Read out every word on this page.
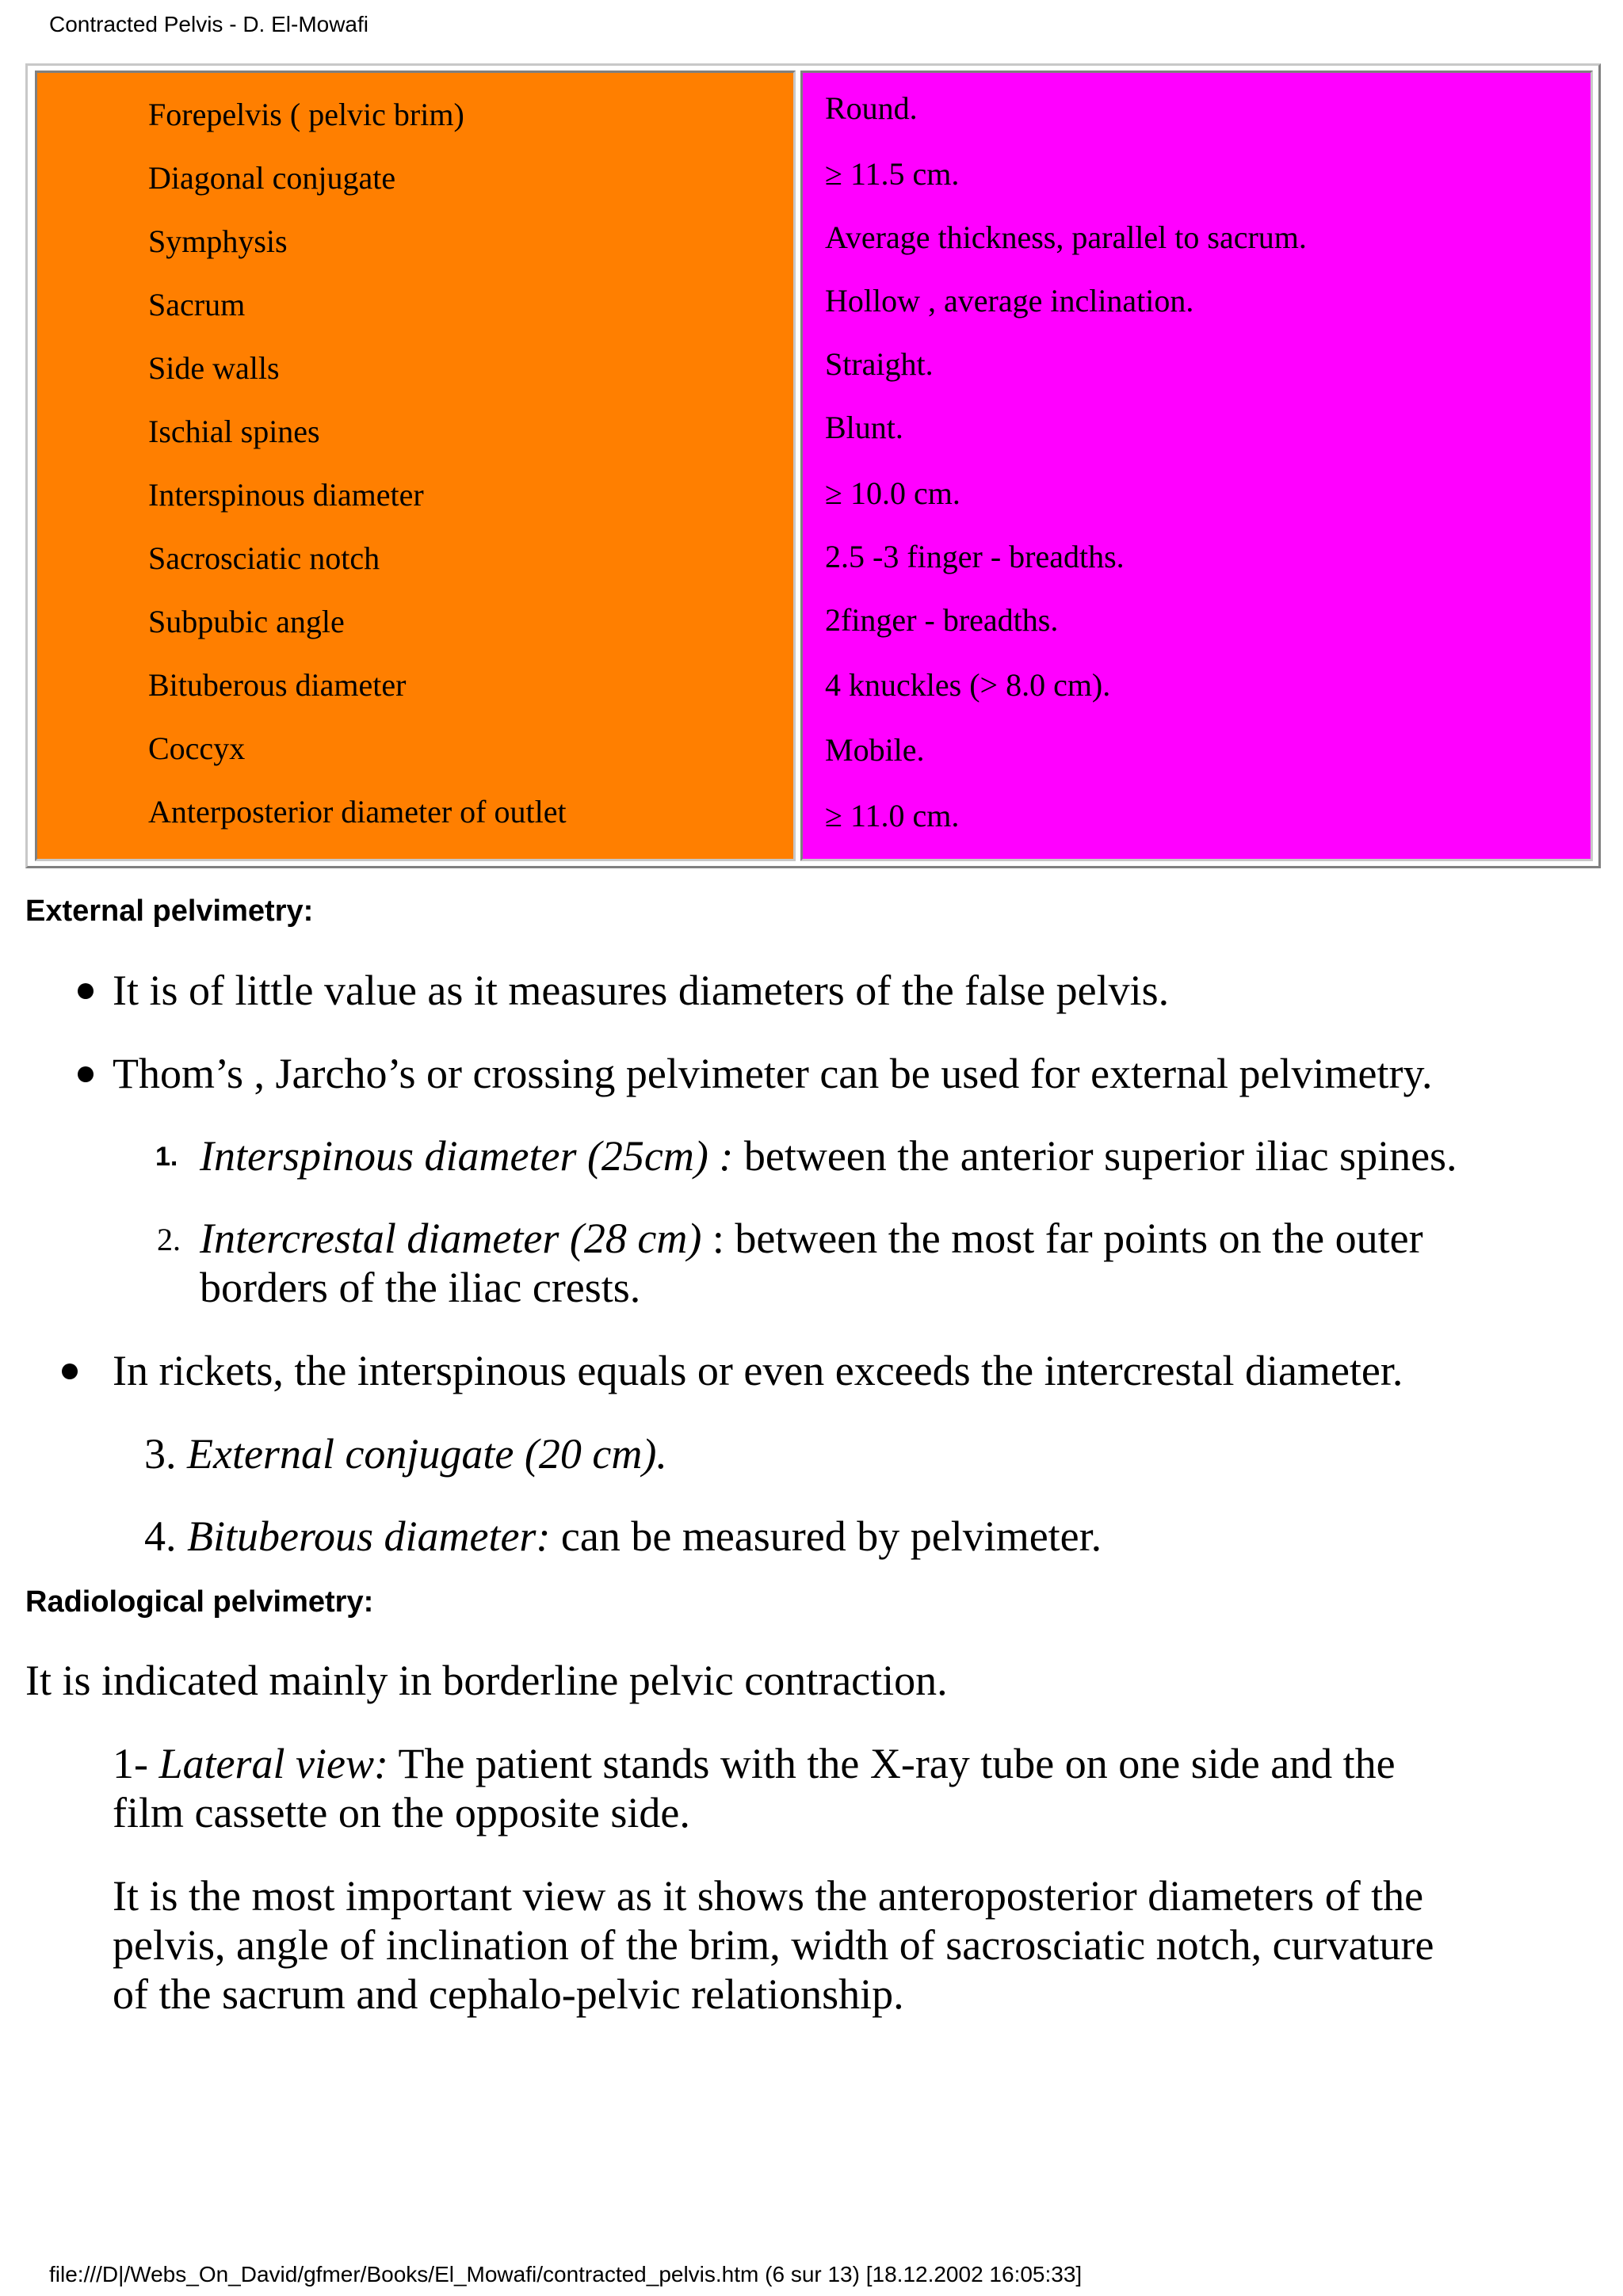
Contracted Pelvis - D. El-Mowafi
Forepelvis ( pelvic brim)
Diagonal conjugate
Symphysis
Sacrum
Side walls
Ischial spines
Interspinous diameter
Sacrosciatic notch
Subpubic angle
Bituberous diameter
Coccyx
Anterposterior diameter of outlet
Round.
≥ 11.5 cm.
Average thickness, parallel to sacrum.
Hollow , average inclination.
Straight.
Blunt.
≥ 10.0 cm.
2.5 -3 finger - breadths.
2finger - breadths.
4 knuckles (> 8.0 cm).
Mobile.
≥ 11.0 cm.
External pelvimetry:
It is of little value as it measures diameters of the false pelvis.
Thom’s , Jarcho’s or crossing pelvimeter can be used for external pelvimetry.
1. Interspinous diameter (25cm) : between the anterior superior iliac spines.
2. Intercrestal diameter (28 cm) : between the most far points on the outer
borders of the iliac crests.
In rickets, the interspinous equals or even exceeds the intercrestal diameter.
3. External conjugate (20 cm).
4. Bituberous diameter: can be measured by pelvimeter.
Radiological pelvimetry:
It is indicated mainly in borderline pelvic contraction.
1- Lateral view: The patient stands with the X-ray tube on one side and the
film cassette on the opposite side.
It is the most important view as it shows the anteroposterior diameters of the
pelvis, angle of inclination of the brim, width of sacrosciatic notch, curvature
of the sacrum and cephalo-pelvic relationship.
file:///D|/Webs_On_David/gfmer/Books/El_Mowafi/contracted_pelvis.htm (6 sur 13) [18.12.2002 16:05:33]
